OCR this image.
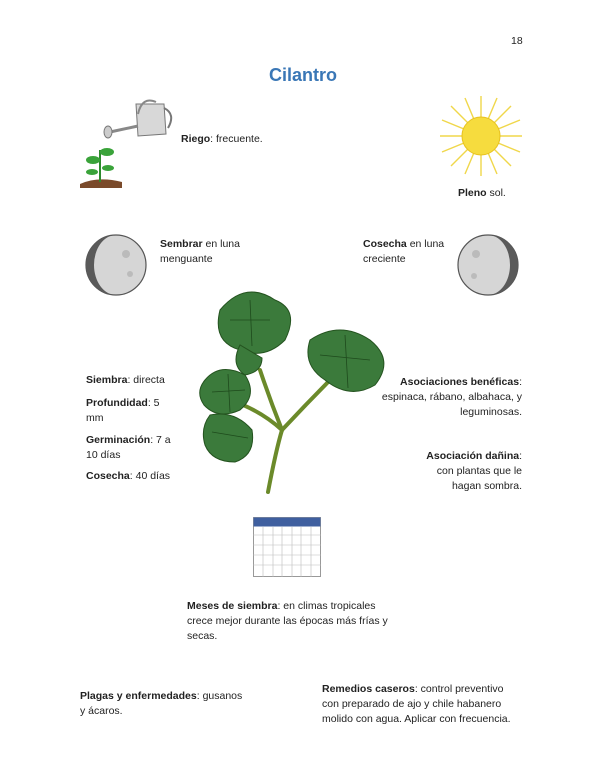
18
Cilantro
Riego: frecuente.
Pleno sol.
Sembrar en luna menguante
Cosecha en luna creciente
Siembra: directa
Profundidad: 5 mm
Germinación: 7 a 10 días
Cosecha: 40 días
Asociaciones benéficas: espinaca, rábano, albahaca, y leguminosas.
Asociación dañina: con plantas que le hagan sombra.
Meses de siembra: en climas tropicales crece mejor durante las épocas más frías y secas.
Plagas y enfermedades: gusanos y ácaros.
Remedios caseros: control preventivo con preparado de ajo y chile habanero molido con agua. Aplicar con frecuencia.
